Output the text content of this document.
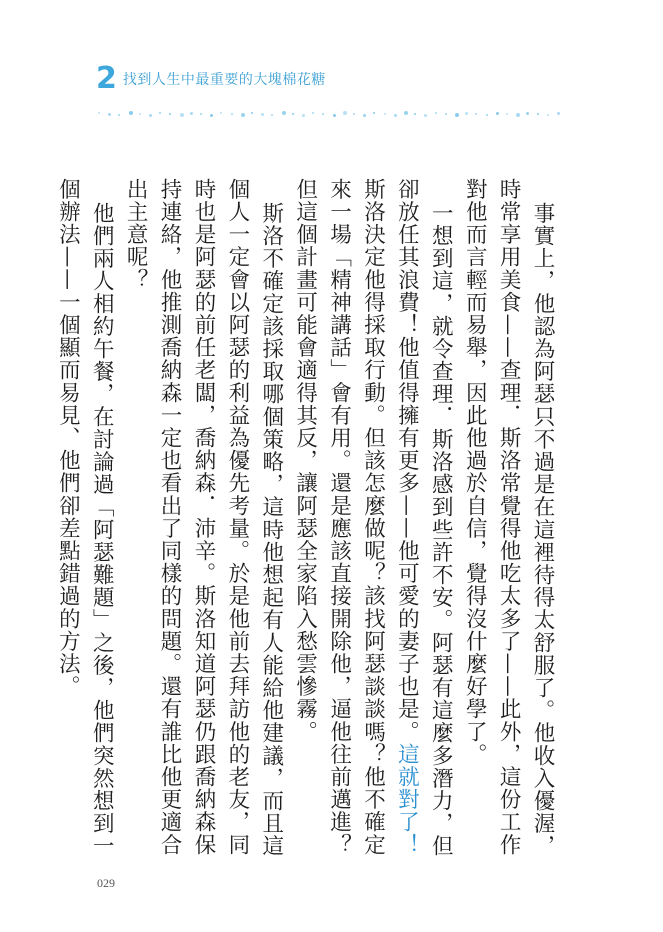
2 找到人生中最重要的大塊棉花糖

事實上，他認為阿瑟只不過是在這裡待得太舒服了。他收入優渥，時常享用美食——查理．斯洛常覺得他吃太多了——此外，這份工作對他而言輕而易舉，因此他過於自信，覺得沒什麼好學了。

一想到這，就令查理．斯洛感到些許不安。阿瑟有這麼多潛力，但卻放任其浪費！他值得擁有更多——他可愛的妻子也是。這就對了！斯洛決定他得採取行動。但該怎麼做呢？該找阿瑟談談嗎？他不確定來一場「精神講話」會有用。還是應該直接開除他，逼他往前邁進？但這個計畫可能會適得其反，讓阿瑟全家陷入愁雲慘霧。

斯洛不確定該採取哪個策略，這時他想起有人能給他建議，而且這個人一定會以阿瑟的利益為優先考量。於是他前去拜訪他的老友，同時也是阿瑟的前任老闆，喬納森．沛辛。斯洛知道阿瑟仍跟喬納森保持連絡，他推測喬納森一定也看出了同樣的問題。還有誰比他更適合出主意呢？

他們兩人相約午餐，在討論過「阿瑟難題」之後，他們突然想到一個辦法——一個顯而易見、他們卻差點錯過的方法。

029
